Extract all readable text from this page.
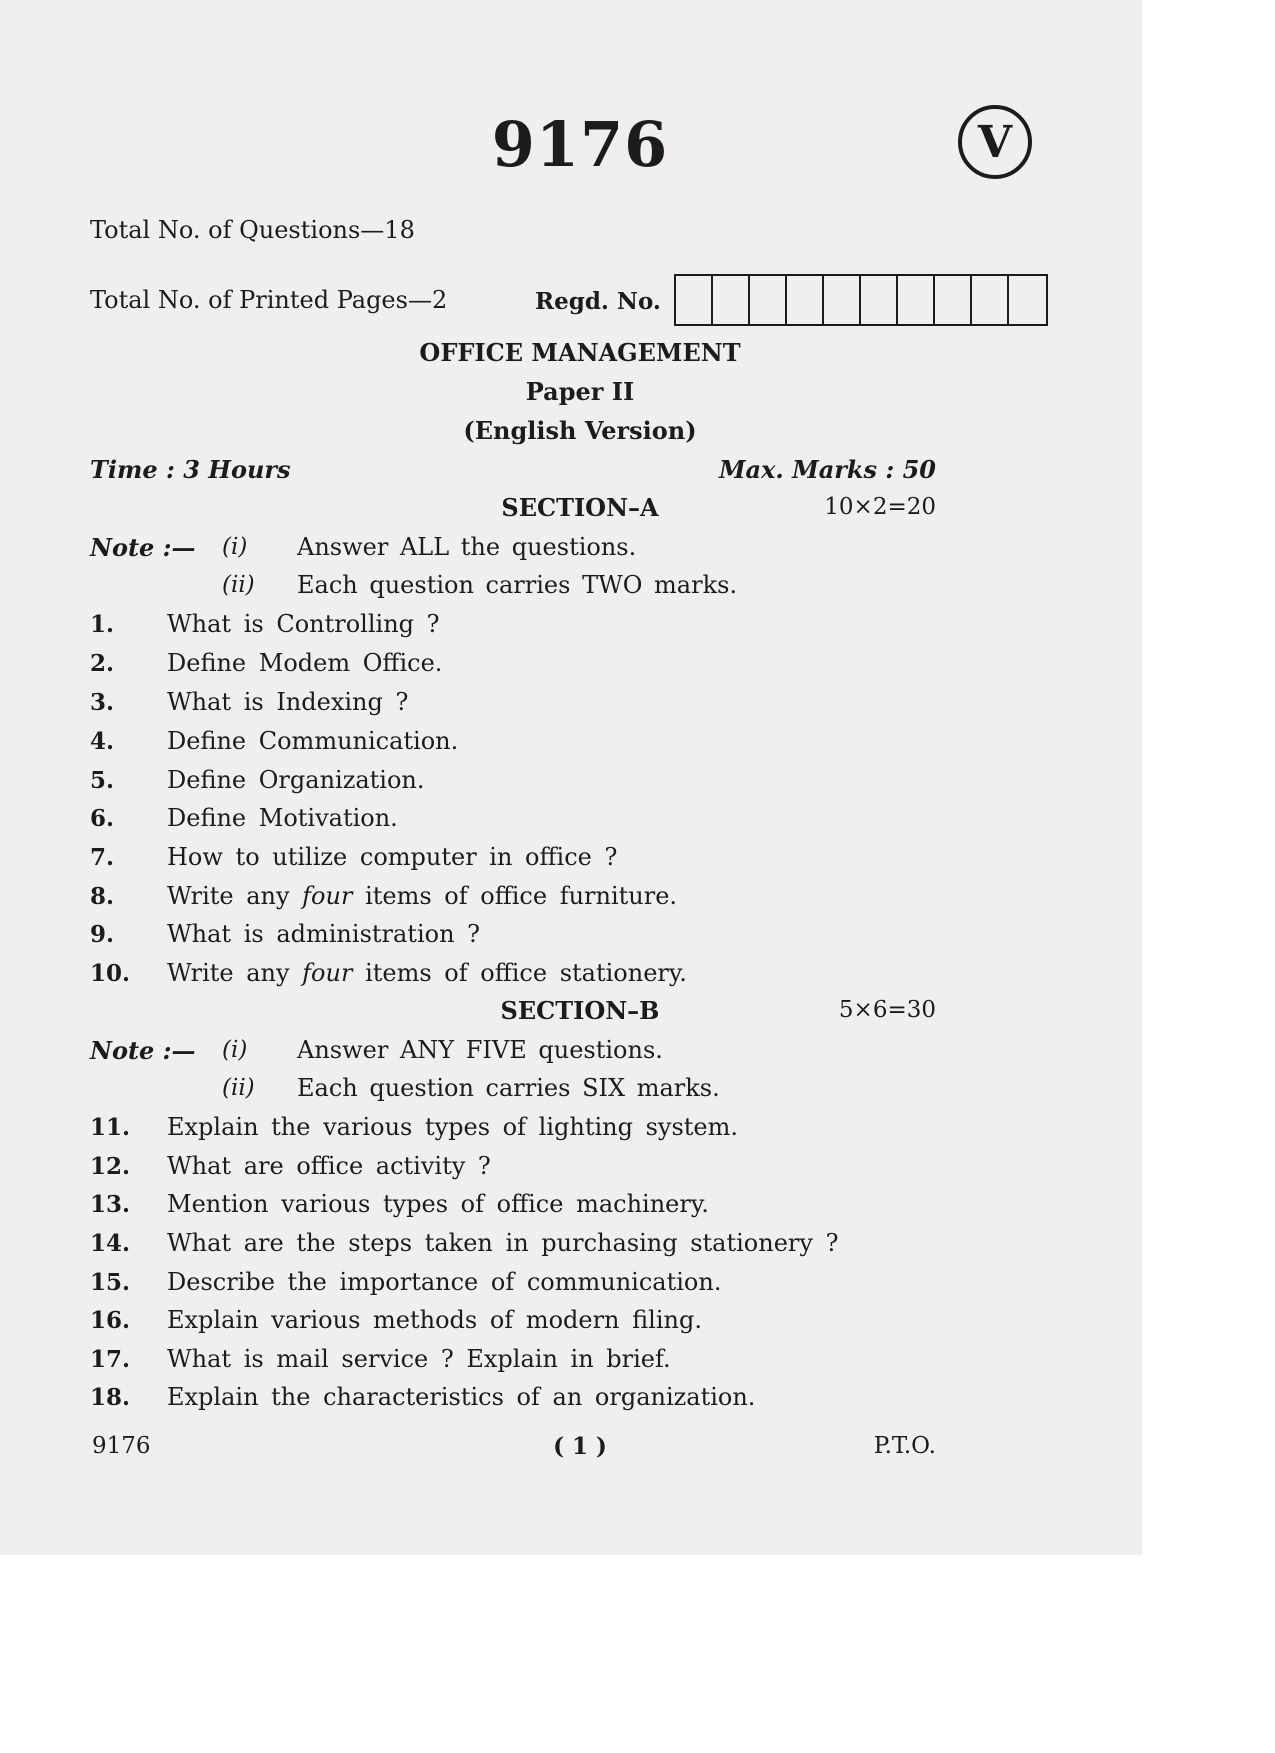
9176	V
Total No. of Questions—18
Total No. of Printed Pages—2	Regd. No.
OFFICE MANAGEMENT
Paper II
(English Version)
Time : 3 Hours	Max. Marks : 50
SECTION–A	10×2=20
Note :— (i) Answer ALL the questions.
(ii) Each question carries TWO marks.
1. What is Controlling ?
2. Define Modem Office.
3. What is Indexing ?
4. Define Communication.
5. Define Organization.
6. Define Motivation.
7. How to utilize computer in office ?
8. Write any four items of office furniture.
9. What is administration ?
10. Write any four items of office stationery.
SECTION–B	5×6=30
Note :— (i) Answer ANY FIVE questions.
(ii) Each question carries SIX marks.
11. Explain the various types of lighting system.
12. What are office activity ?
13. Mention various types of office machinery.
14. What are the steps taken in purchasing stationery ?
15. Describe the importance of communication.
16. Explain various methods of modern filing.
17. What is mail service ? Explain in brief.
18. Explain the characteristics of an organization.
9176	( 1 )	P.T.O.
